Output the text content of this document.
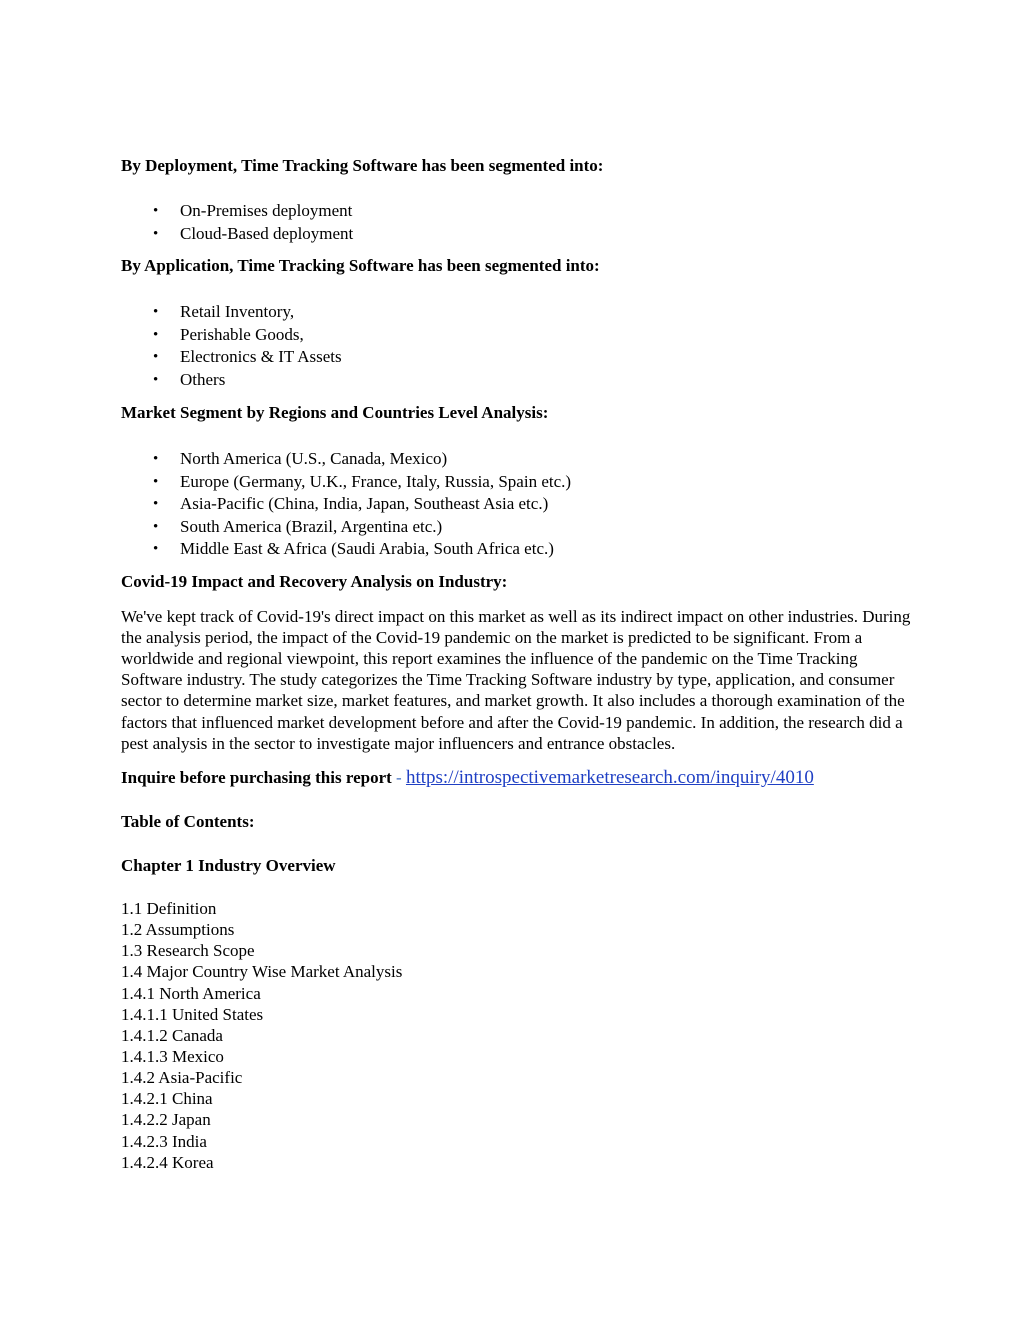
By Deployment, Time Tracking Software has been segmented into:

• On-Premises deployment
• Cloud-Based deployment

By Application, Time Tracking Software has been segmented into:

• Retail Inventory,
• Perishable Goods,
• Electronics & IT Assets
• Others

Market Segment by Regions and Countries Level Analysis:

• North America (U.S., Canada, Mexico)
• Europe (Germany, U.K., France, Italy, Russia, Spain etc.)
• Asia-Pacific (China, India, Japan, Southeast Asia etc.)
• South America (Brazil, Argentina etc.)
• Middle East & Africa (Saudi Arabia, South Africa etc.)

Covid-19 Impact and Recovery Analysis on Industry:

We've kept track of Covid-19's direct impact on this market as well as its indirect impact on other industries. During the analysis period, the impact of the Covid-19 pandemic on the market is predicted to be significant. From a worldwide and regional viewpoint, this report examines the influence of the pandemic on the Time Tracking Software industry. The study categorizes the Time Tracking Software industry by type, application, and consumer sector to determine market size, market features, and market growth. It also includes a thorough examination of the factors that influenced market development before and after the Covid-19 pandemic. In addition, the research did a pest analysis in the sector to investigate major influencers and entrance obstacles.

Inquire before purchasing this report - https://introspectivemarketresearch.com/inquiry/4010

Table of Contents:

Chapter 1 Industry Overview

1.1 Definition

1.2 Assumptions

1.3 Research Scope

1.4 Major Country Wise Market Analysis

1.4.1 North America

1.4.1.1 United States

1.4.1.2 Canada

1.4.1.3 Mexico

1.4.2 Asia-Pacific

1.4.2.1 China

1.4.2.2 Japan

1.4.2.3 India

1.4.2.4 Korea
